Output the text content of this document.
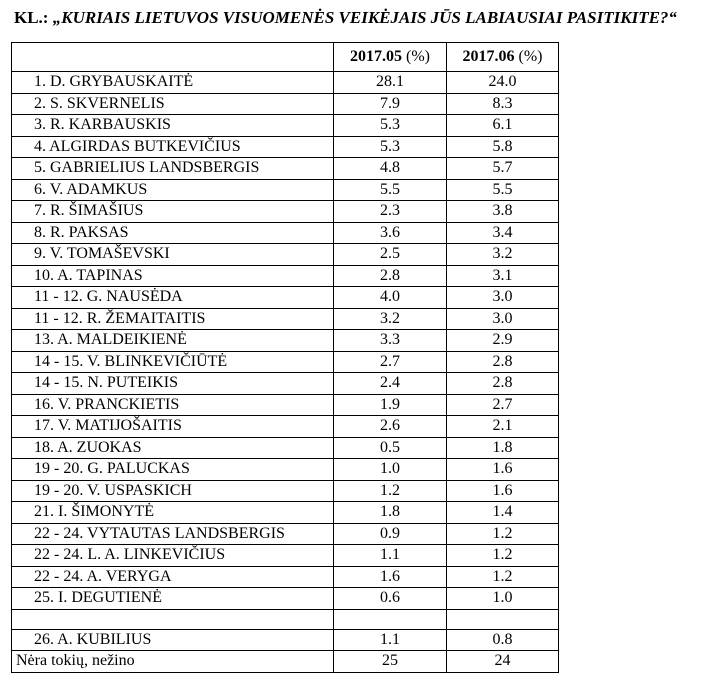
KL.: „KURIAIS LIETUVOS VISUOMENĖS VEIKĖJAIS JŪS LABIAUSIAI PASITIKITE?“
	2017.05 (%)	2017.06 (%)
1. D. GRYBAUSKAITĖ	28.1	24.0
2. S. SKVERNELIS	7.9	8.3
3. R. KARBAUSKIS	5.3	6.1
4. ALGIRDAS BUTKEVIČIUS	5.3	5.8
5. GABRIELIUS LANDSBERGIS	4.8	5.7
6. V. ADAMKUS	5.5	5.5
7. R. ŠIMAŠIUS	2.3	3.8
8. R. PAKSAS	3.6	3.4
9. V. TOMAŠEVSKI	2.5	3.2
10. A. TAPINAS	2.8	3.1
11 - 12. G. NAUSĖDA	4.0	3.0
11 - 12. R. ŽEMAITAITIS	3.2	3.0
13. A. MALDEIKIENĖ	3.3	2.9
14 - 15. V. BLINKEVIČIŪTĖ	2.7	2.8
14 - 15. N. PUTEIKIS	2.4	2.8
16. V. PRANCKIETIS	1.9	2.7
17. V. MATIJOŠAITIS	2.6	2.1
18. A. ZUOKAS	0.5	1.8
19 - 20. G. PALUCKAS	1.0	1.6
19 - 20. V. USPASKICH	1.2	1.6
21. I. ŠIMONYTĖ	1.8	1.4
22 - 24. VYTAUTAS LANDSBERGIS	0.9	1.2
22 - 24. L. A. LINKEVIČIUS	1.1	1.2
22 - 24. A. VERYGA	1.6	1.2
25. I. DEGUTIENĖ	0.6	1.0

26. A. KUBILIUS	1.1	0.8
Nėra tokių, nežino	25	24
